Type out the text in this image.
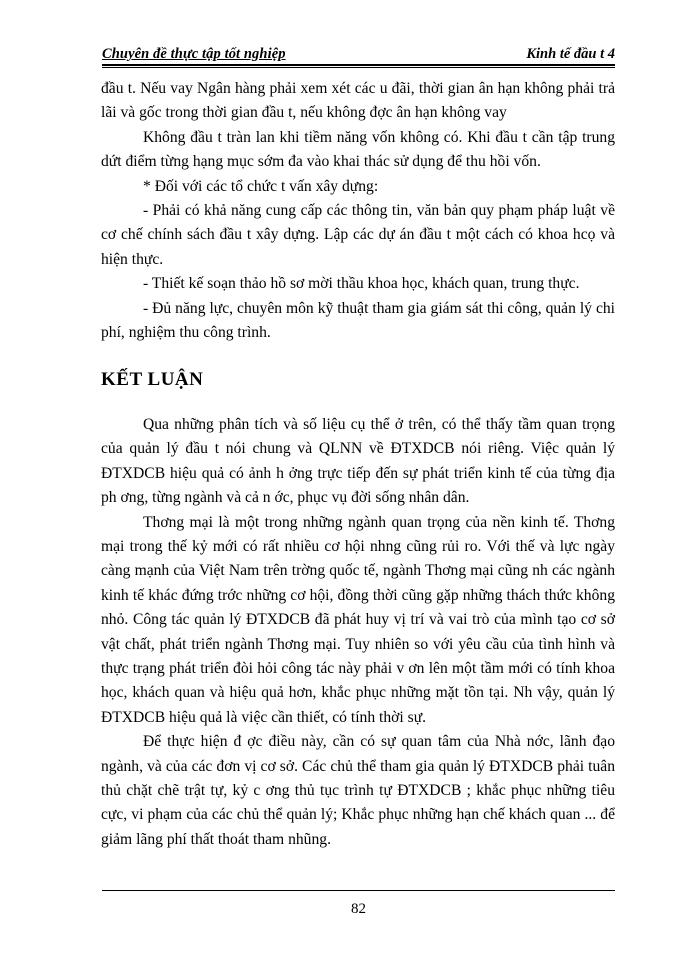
Chuyên đề thực tập tốt nghiệp	Kinh tế đầu t 4

đầu t. Nếu vay Ngân hàng phải xem xét các u đãi, thời gian ân hạn không phải trả lãi và gốc trong thời gian đầu t, nếu không đợc ân hạn không vay

Không đầu t tràn lan khi tiềm năng vốn không có. Khi đầu t cần tập trung dứt điểm từng hạng mục sớm đa vào khai thác sử dụng để thu hồi vốn.

* Đối với các tổ chức t vấn xây dựng:

- Phải có khả năng cung cấp các thông tin, văn bản quy phạm pháp luật về cơ chế chính sách đầu t xây dựng. Lập các dự án đầu t một cách có khoa hcọ và hiện thực.

- Thiết kế soạn thảo hồ sơ mời thầu khoa học, khách quan, trung thực.

- Đủ năng lực, chuyên môn kỹ thuật tham gia giám sát thi công, quản lý chi phí, nghiệm thu công trình.

KẾT LUẬN

Qua những phân tích và số liệu cụ thể ở trên, có thể thấy tầm quan trọng của quản lý đầu t nói chung và QLNN về ĐTXDCB nói riêng. Việc quản lý ĐTXDCB hiệu quả có ảnh h ởng trực tiếp đến sự phát triển kinh tế của từng địa ph ơng, từng ngành và cả n ớc, phục vụ đời sống nhân dân.

Thơng mại là một trong những ngành quan trọng của nền kinh tế. Thơng mại trong thế kỷ mới có rất nhiều cơ hội nhng cũng rủi ro. Với thế và lực ngày càng mạnh của Việt Nam trên trờng quốc tế, ngành Thơng mại cũng nh các ngành kinh tế khác đứng trớc những cơ hội, đồng thời cũng gặp những thách thức không nhỏ. Công tác quản lý ĐTXDCB đã phát huy vị trí và vai trò của mình tạo cơ sở vật chất, phát triển ngành Thơng mại. Tuy nhiên so với yêu cầu của tình hình và thực trạng phát triển đòi hỏi công tác này phải v ơn lên một tầm mới có tính khoa học, khách quan và hiệu quả hơn, khắc phục những mặt tồn tại. Nh vậy, quản lý ĐTXDCB hiệu quả là việc cần thiết, có tính thời sự.

Để thực hiện đ ợc điều này, cần có sự quan tâm của Nhà nớc, lãnh đạo ngành, và của các đơn vị cơ sở. Các chủ thể tham gia quản lý ĐTXDCB phải tuân thủ chặt chẽ trật tự, kỷ c ơng thủ tục trình tự ĐTXDCB ; khắc phục những tiêu cực, vi phạm của các chủ thể quản lý; Khắc phục những hạn chế khách quan ... để giảm lãng phí thất thoát tham nhũng.

82
